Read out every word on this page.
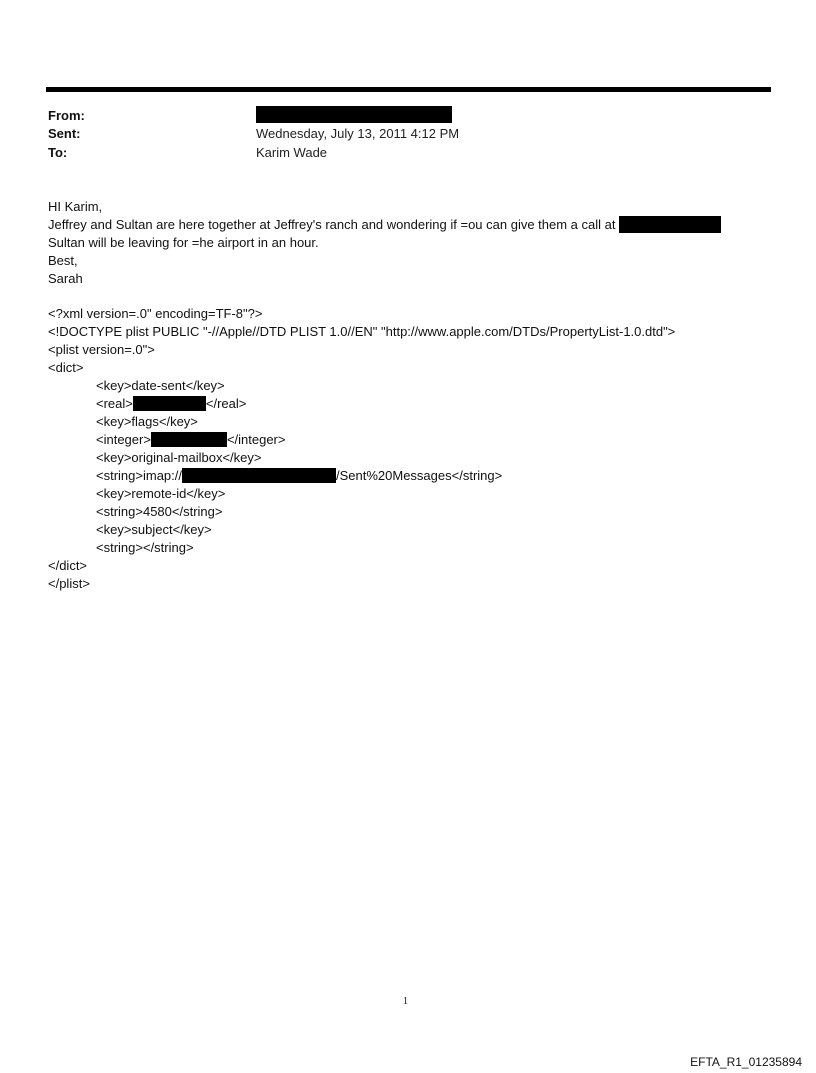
From:
Sent:	Wednesday, July 13, 2011 4:12 PM
To:	Karim Wade
HI Karim,
Jeffrey and Sultan are here together at Jeffrey's ranch and wondering if =ou can give them a call at
Sultan will be leaving for =he airport in an hour.
Best,
Sarah
<?xml version=.0" encoding=TF-8"?>
<!DOCTYPE plist PUBLIC "-//Apple//DTD PLIST 1.0//EN" "http://www.apple.com/DTDs/PropertyList-1.0.dtd">
<plist version=.0">
<dict>
<key>date-sent</key>
<real>	</real>
<key>flags</key>
<integer>	</integer>
<key>original-mailbox</key>
<string>imap://	/Sent%20Messages</string>
<key>remote-id</key>
<string>4580</string>
<key>subject</key>
<string></string>
</dict>
</plist>
1
EFTA_R1_01235894
